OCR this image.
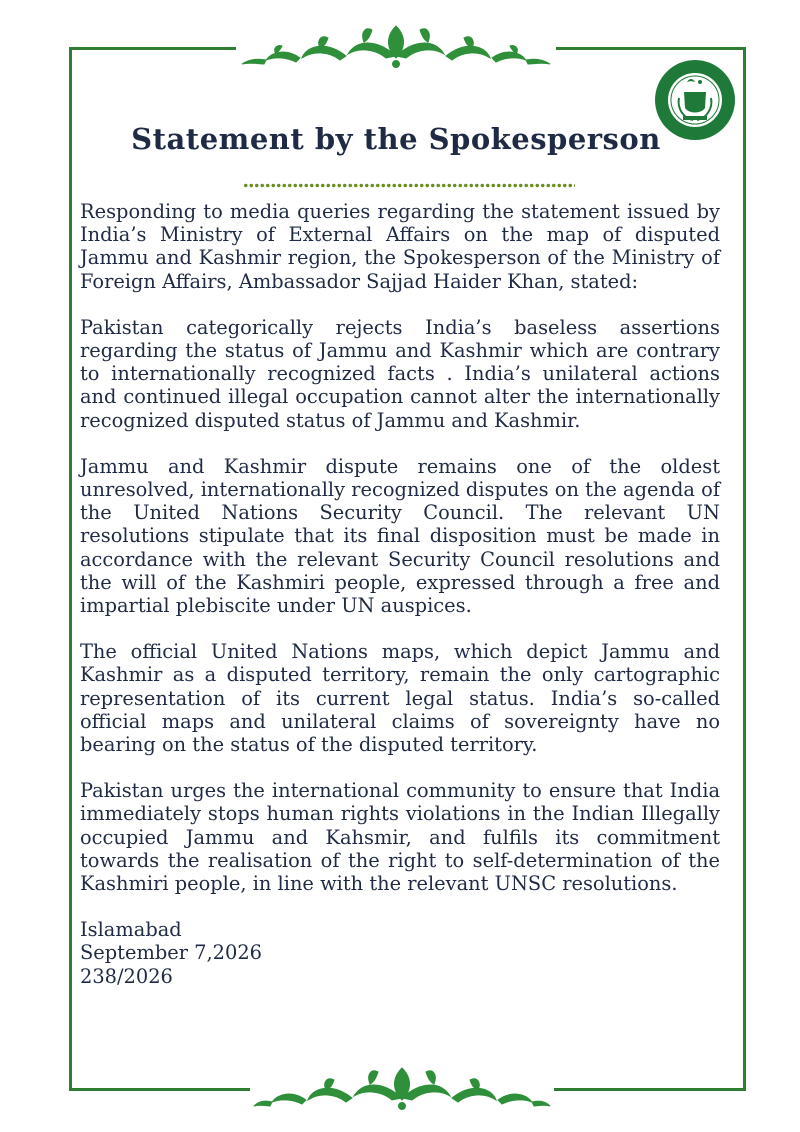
Statement by the Spokesperson

Responding to media queries regarding the statement issued by India’s Ministry of External Affairs on the map of disputed Jammu and Kashmir region, the Spokesperson of the Ministry of Foreign Affairs, Ambassador Sajjad Haider Khan, stated:

Pakistan categorically rejects India’s baseless assertions regarding the status of Jammu and Kashmir which are contrary to internationally recognized facts . India’s unilateral actions and continued illegal occupation cannot alter the internationally recognized disputed status of Jammu and Kashmir.

Jammu and Kashmir dispute remains one of the oldest unresolved, internationally recognized disputes on the agenda of the United Nations Security Council. The relevant UN resolutions stipulate that its final disposition must be made in accordance with the relevant Security Council resolutions and the will of the Kashmiri people, expressed through a free and impartial plebiscite under UN auspices.

The official United Nations maps, which depict Jammu and Kashmir as a disputed territory, remain the only cartographic representation of its current legal status. India’s so-called official maps and unilateral claims of sovereignty have no bearing on the status of the disputed territory.

Pakistan urges the international community to ensure that India immediately stops human rights violations in the Indian Illegally occupied Jammu and Kahsmir, and fulfils its commitment towards the realisation of the right to self-determination of the Kashmiri people, in line with the relevant UNSC resolutions.

Islamabad
September 7,2026
238/2026
